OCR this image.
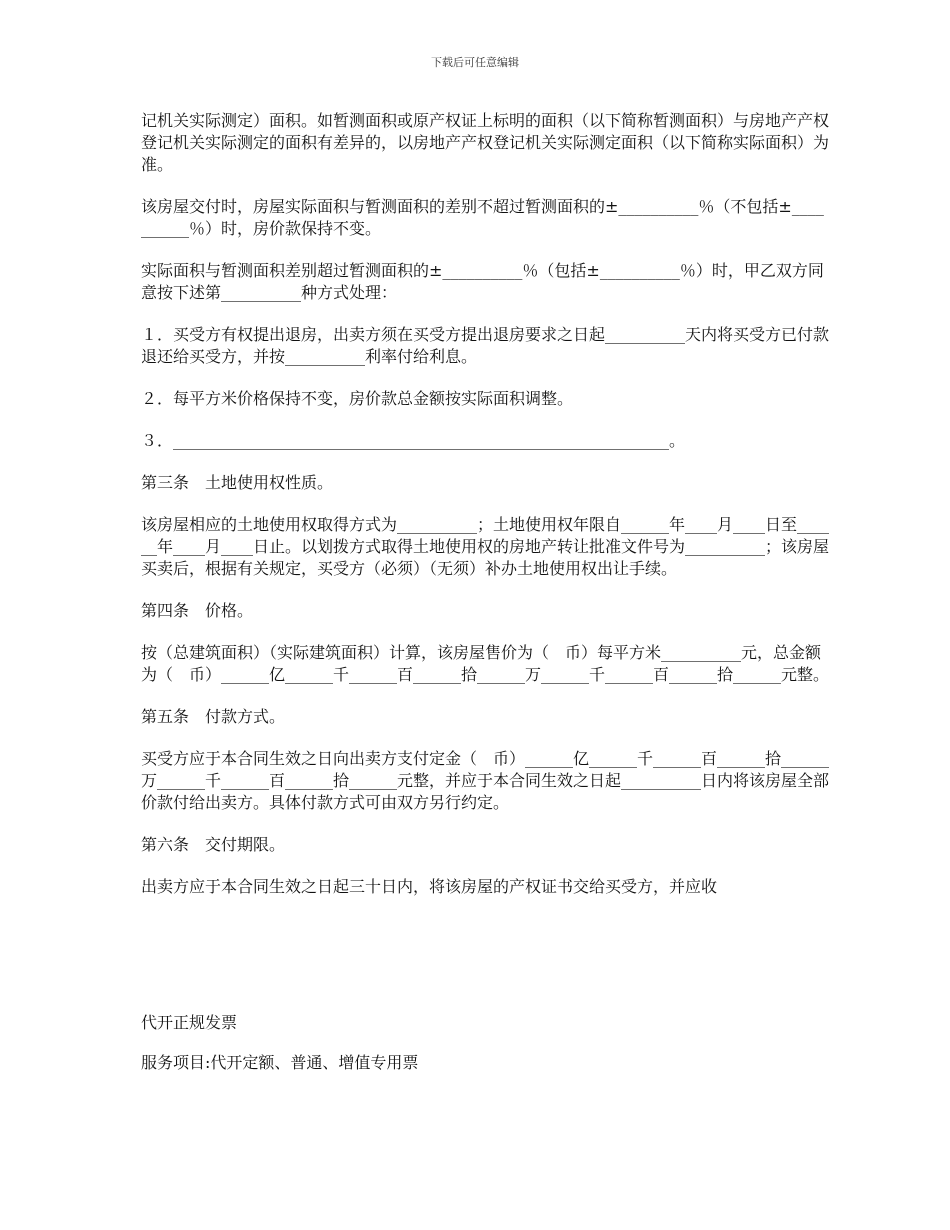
下载后可任意编辑

记机关实际测定）面积。如暂测面积或原产权证上标明的面积（以下简称暂测面积）与房地产产权登记机关实际测定的面积有差异的，以房地产产权登记机关实际测定面积（以下简称实际面积）为准。

该房屋交付时，房屋实际面积与暂测面积的差别不超过暂测面积的±__________％（不包括±__________％）时，房价款保持不变。

实际面积与暂测面积差别超过暂测面积的±__________％（包括±__________％）时，甲乙双方同意按下述第__________种方式处理：

１．买受方有权提出退房，出卖方须在买受方提出退房要求之日起__________天内将买受方已付款退还给买受方，并按__________利率付给利息。

２．每平方米价格保持不变，房价款总金额按实际面积调整。

３．______________________________________________________________。

第三条　土地使用权性质。

该房屋相应的土地使用权取得方式为__________；土地使用权年限自______年____月____日至______年____月____日止。以划拨方式取得土地使用权的房地产转让批准文件号为__________；该房屋买卖后，根据有关规定，买受方（必须）（无须）补办土地使用权出让手续。

第四条　价格。

按（总建筑面积）（实际建筑面积）计算，该房屋售价为（　币）每平方米__________元，总金额为（　币）______亿______千______百______拾______万______千______百______拾______元整。

第五条　付款方式。

买受方应于本合同生效之日向出卖方支付定金（　币）______亿______千______百______拾______万______千______百______拾______元整，并应于本合同生效之日起__________日内将该房屋全部价款付给出卖方。具体付款方式可由双方另行约定。

第六条　交付期限。

出卖方应于本合同生效之日起三十日内，将该房屋的产权证书交给买受方，并应收

代开正规发票

服务项目:代开定额、普通、增值专用票
